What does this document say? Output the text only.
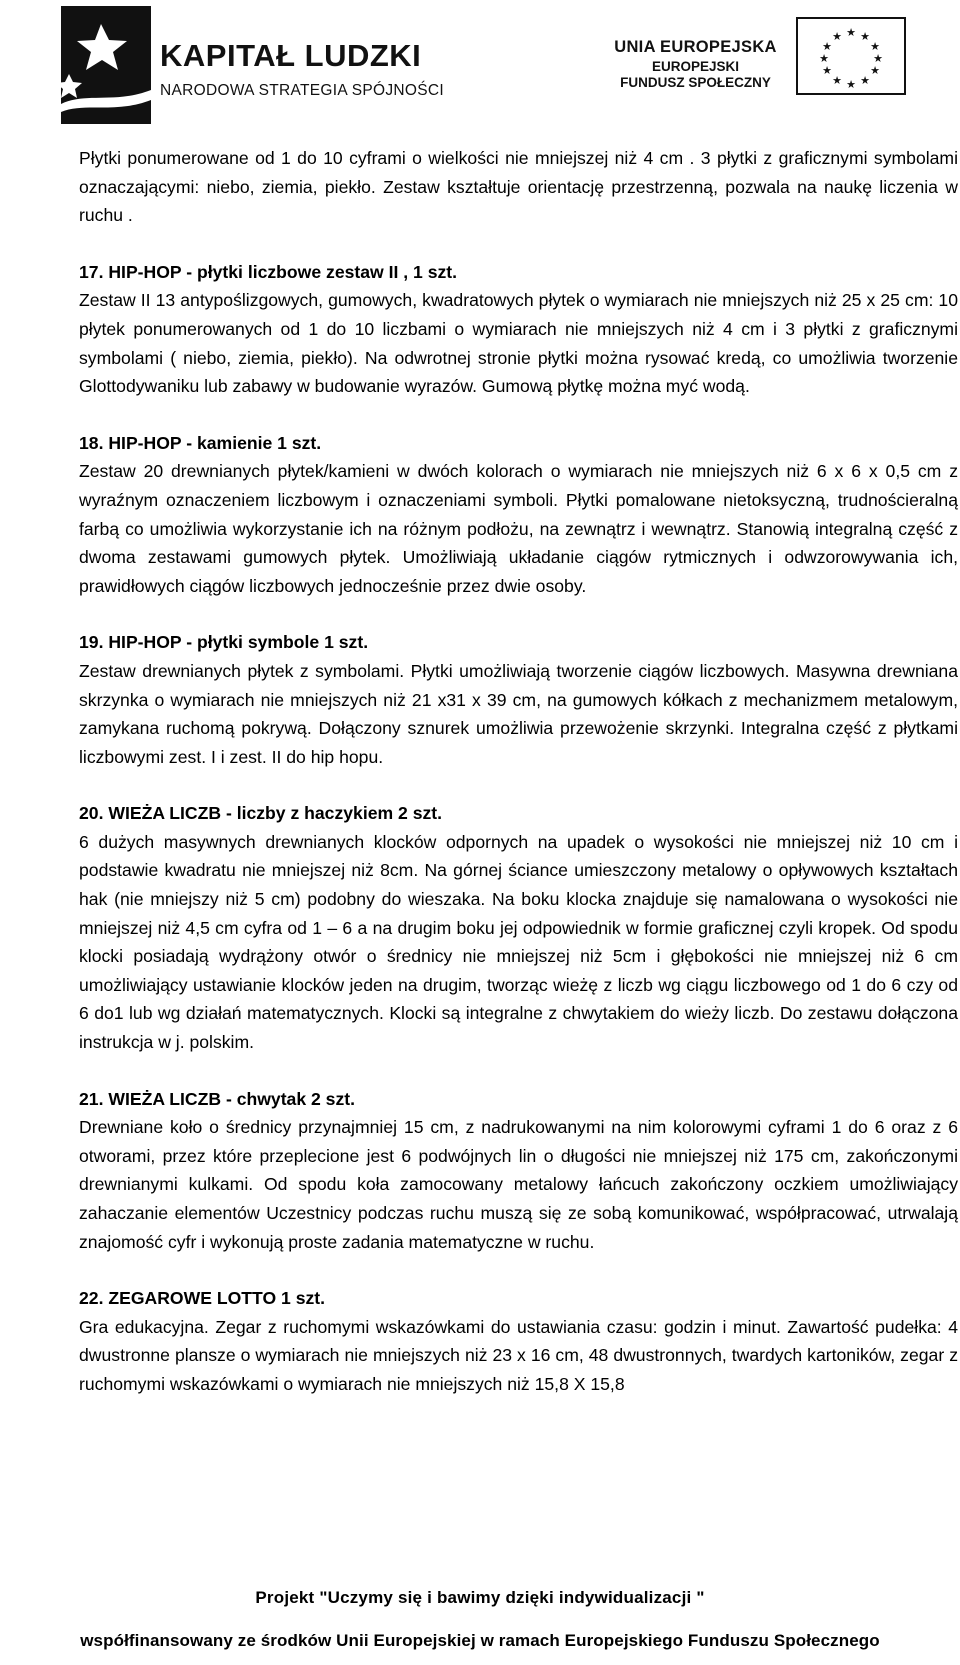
KAPITAŁ LUDZKI
NARODOWA STRATEGIA SPÓJNOŚCI
UNIA EUROPEJSKA
EUROPEJSKI
FUNDUSZ SPOŁECZNY
★ ★
★
★
★
★
★
★
★
★
★
★

Płytki ponumerowane od 1 do 10 cyframi o wielkości nie mniejszej niż 4 cm . 3 płytki z graficznymi symbolami oznaczającymi: niebo, ziemia, piekło. Zestaw kształtuje orientację przestrzenną, pozwala na naukę liczenia w ruchu .

17. HIP-HOP - płytki liczbowe zestaw II , 1 szt.

Zestaw II 13 antypoślizgowych, gumowych, kwadratowych płytek o wymiarach nie mniejszych niż 25 x 25 cm: 10 płytek ponumerowanych od 1 do 10 liczbami o wymiarach nie mniejszych niż 4 cm i 3 płytki z graficznymi symbolami ( niebo, ziemia, piekło). Na odwrotnej stronie płytki można rysować kredą, co umożliwia tworzenie Glottodywaniku lub zabawy w budowanie wyrazów. Gumową płytkę można myć wodą.

18. HIP-HOP - kamienie 1 szt.

Zestaw 20 drewnianych płytek/kamieni w dwóch kolorach o wymiarach nie mniejszych niż 6 x 6 x 0,5 cm z wyraźnym oznaczeniem liczbowym i oznaczeniami symboli. Płytki pomalowane nietoksyczną, trudnościeralną farbą co umożliwia wykorzystanie ich na różnym podłożu, na zewnątrz i wewnątrz. Stanowią integralną część z dwoma zestawami gumowych płytek. Umożliwiają układanie ciągów rytmicznych i odwzorowywania ich, prawidłowych ciągów liczbowych jednocześnie przez dwie osoby.

19. HIP-HOP - płytki symbole 1 szt.

Zestaw drewnianych płytek z symbolami. Płytki umożliwiają tworzenie ciągów liczbowych. Masywna drewniana skrzynka o wymiarach nie mniejszych niż 21 x31 x 39 cm, na gumowych kółkach z mechanizmem metalowym, zamykana ruchomą pokrywą. Dołączony sznurek umożliwia przewożenie skrzynki. Integralna część z płytkami liczbowymi zest. I i zest. II do hip hopu.

20. WIEŻA LICZB - liczby z haczykiem 2 szt.

6 dużych masywnych drewnianych klocków odpornych na upadek o wysokości nie mniejszej niż 10 cm i podstawie kwadratu nie mniejszej niż 8cm. Na górnej ściance umieszczony metalowy o opływowych kształtach hak (nie mniejszy niż 5 cm) podobny do wieszaka. Na boku klocka znajduje się namalowana o wysokości nie mniejszej niż 4,5 cm cyfra od 1 – 6 a na drugim boku jej odpowiednik w formie graficznej czyli kropek. Od spodu klocki posiadają wydrążony otwór o średnicy nie mniejszej niż 5cm i głębokości nie mniejszej niż 6 cm umożliwiający ustawianie klocków jeden na drugim, tworząc wieżę z liczb wg ciągu liczbowego od 1 do 6 czy od 6 do1 lub wg działań matematycznych. Klocki są integralne z chwytakiem do wieży liczb. Do zestawu dołączona instrukcja w j. polskim.

21. WIEŻA LICZB - chwytak 2 szt.

Drewniane koło o średnicy przynajmniej 15 cm, z nadrukowanymi na nim kolorowymi cyframi 1 do 6 oraz z 6 otworami, przez które przeplecione jest 6 podwójnych lin o długości nie mniejszej niż 175 cm, zakończonymi drewnianymi kulkami. Od spodu koła zamocowany metalowy łańcuch zakończony oczkiem umożliwiający zahaczanie elementów Uczestnicy podczas ruchu muszą się ze sobą komunikować, współpracować, utrwalają znajomość cyfr i wykonują proste zadania matematyczne w ruchu.

22. ZEGAROWE LOTTO 1 szt.

Gra edukacyjna. Zegar z ruchomymi wskazówkami do ustawiania czasu: godzin i minut. Zawartość pudełka: 4 dwustronne plansze o wymiarach nie mniejszych niż 23 x 16 cm, 48 dwustronnych, twardych kartoników, zegar z ruchomymi wskazówkami o wymiarach nie mniejszych niż 15,8 X 15,8

Projekt "Uczymy się i bawimy dzięki indywidualizacji "
współfinansowany ze środków Unii Europejskiej w ramach Europejskiego Funduszu Społecznego
